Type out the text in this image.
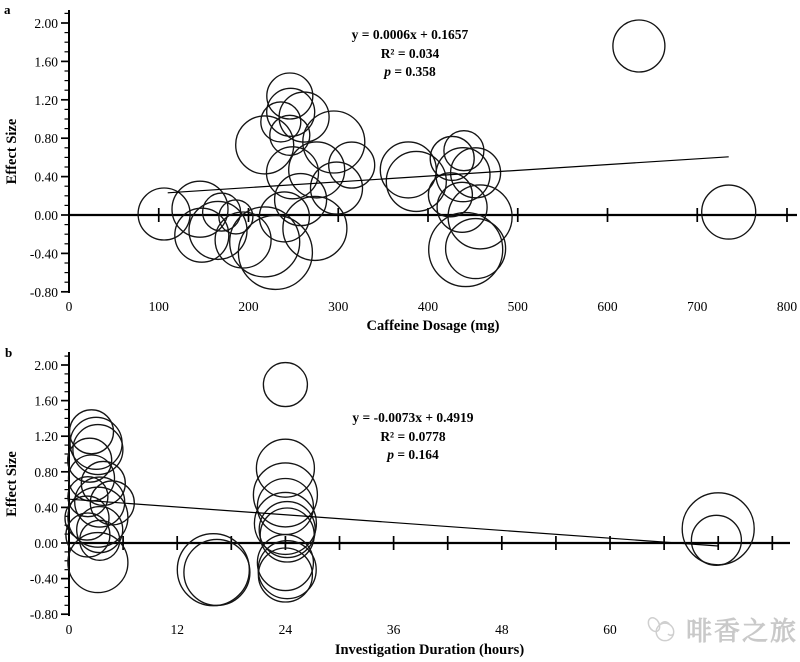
2.00
1.60
1.20
0.80
0.40
0.00
-0.40
-0.80
0	100	200	300	400	500	600	700	800
Caffeine Dosage (mg)
Effect Size
a
y = 0.0006x + 0.1657
R² = 0.034
p = 0.358
2.00
1.60
1.20
0.80
0.40
0.00
-0.40
-0.80
0	12	24	36	48	60
Investigation Duration (hours)
Effect Size
b
y = -0.0073x + 0.4919
R² = 0.0778
p = 0.164
啡香之旅
